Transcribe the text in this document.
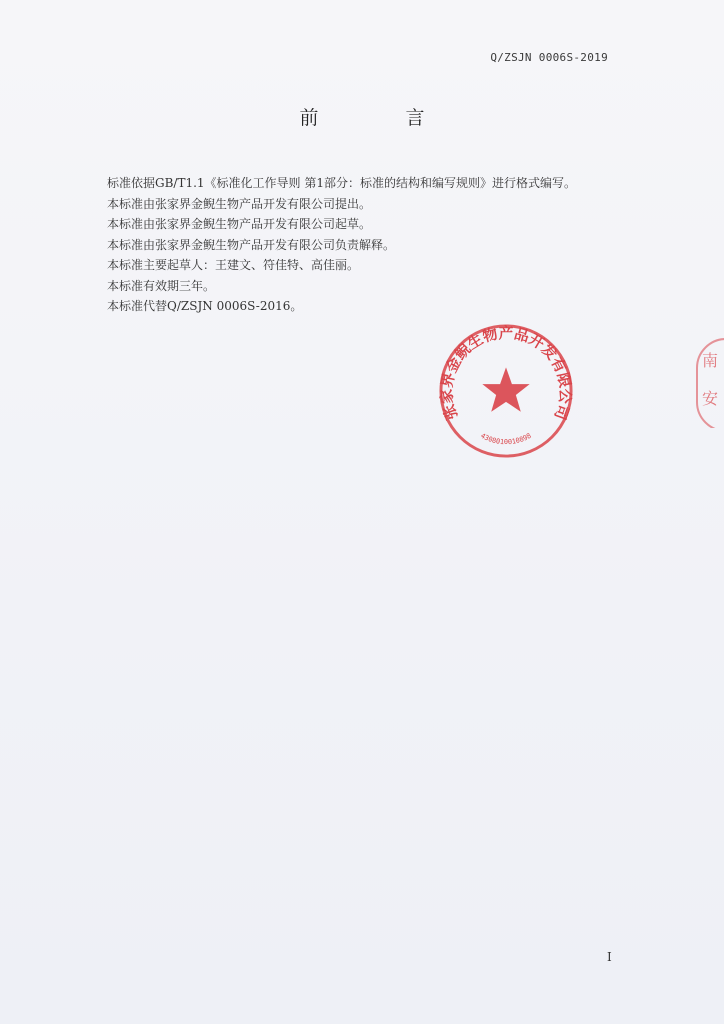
Q/ZSJN 0006S-2019
前　言

标准依据GB/T1.1《标准化工作导则 第1部分：标准的结构和编写规则》进行格式编写。

本标准由张家界金鲵生物产品开发有限公司提出。

本标准由张家界金鲵生物产品开发有限公司起草。

本标准由张家界金鲵生物产品开发有限公司负责解释。

本标准主要起草人：王建文、符佳特、高佳丽。

本标准有效期三年。

本标准代替Q/ZSJN 0006S-2016。

张家界金鲵生物产品开发有限公司
4308010010898
南
安
I
